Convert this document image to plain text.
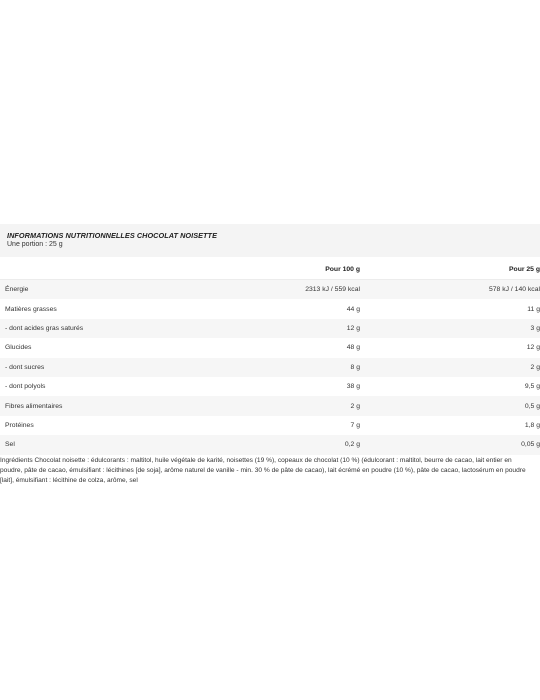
INFORMATIONS NUTRITIONNELLES CHOCOLAT NOISETTE
Une portion : 25 g
Pour 100 g	Pour 25 g
Énergie	2313 kJ / 559 kcal	578 kJ / 140 kcal
Matières grasses	44 g	11 g
- dont acides gras saturés	12 g	3 g
Glucides	48 g	12 g
- dont sucres	8 g	2 g
- dont polyols	38 g	9,5 g
Fibres alimentaires	2 g	0,5 g
Protéines	7 g	1,8 g
Sel	0,2 g	0,05 g
Ingrédients Chocolat noisette : édulcorants : maltitol, huile végétale de karité, noisettes (19 %), copeaux de chocolat (10 %) (édulcorant : maltitol, beurre de cacao, lait entier en poudre, pâte de cacao, émulsifiant : lécithines [de soja], arôme naturel de vanille - min. 30 % de pâte de cacao), lait écrémé en poudre (10 %), pâte de cacao, lactosérum en poudre [lait], émulsifiant : lécithine de colza, arôme, sel
